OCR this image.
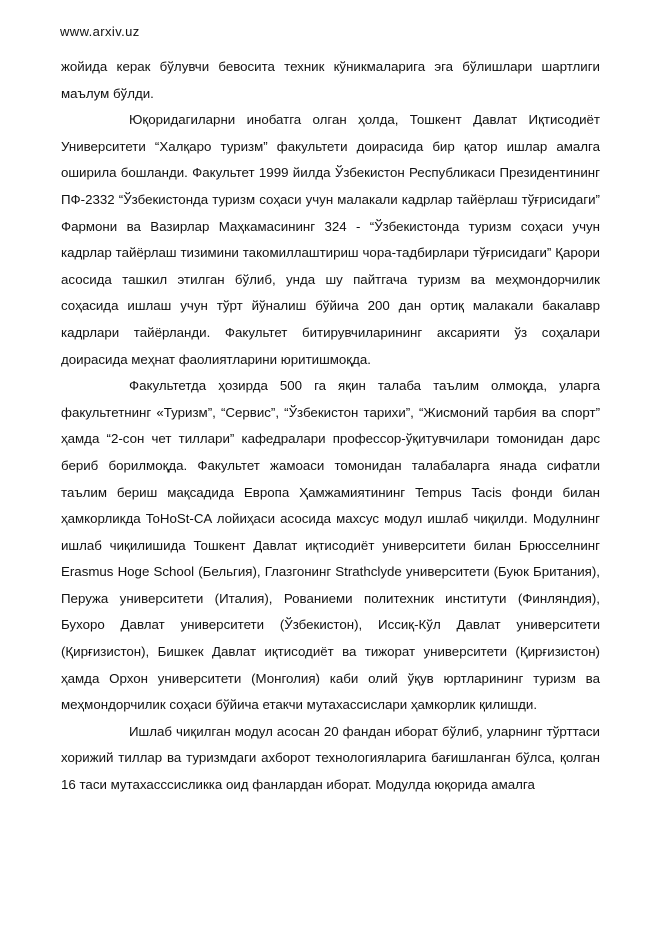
www.arxiv.uz

жойида керак бўлувчи бевосита техник кўникмаларига эга бўлишлари шартлиги маълум бўлди.

Юқоридагиларни инобатга олган ҳолда, Тошкент Давлат Иқтисодиёт Университети “Халқаро туризм” факультети доирасида бир қатор ишлар амалга оширила бошланди. Факультет 1999 йилда Ўзбекистон Республикаси Президентининг ПФ-2332 “Ўзбекистонда туризм соҳаси учун малакали кадрлар тайёрлаш тўғрисидаги” Фармони ва Вазирлар Маҳкамасининг 324 - “Ўзбекистонда туризм соҳаси учун кадрлар тайёрлаш тизимини такомиллаштириш чора-тадбирлари тўғрисидаги” Қарори асосида ташкил этилган бўлиб, унда шу пайтгача туризм ва меҳмондорчилик соҳасида ишлаш учун тўрт йўналиш бўйича 200 дан ортиқ малакали бакалавр кадрлари тайёрланди. Факультет битирувчиларининг аксарияти ўз соҳалари доирасида меҳнат фаолиятларини юритишмоқда.

Факультетда ҳозирда 500 га яқин талаба таълим олмоқда, уларга факультетнинг «Туризм”, “Сервис”, “Ўзбекистон тарихи”, “Жисмоний тарбия ва спорт” ҳамда “2-сон чет тиллари” кафедралари профессор-ўқитувчилари томонидан дарс бериб борилмоқда. Факультет жамоаси томонидан талабаларга янада сифатли таълим бериш мақсадида Европа Ҳамжамиятининг Tempus Tacis фонди билан ҳамкорликда ToHoSt-CA лойиҳаси асосида махсус модул ишлаб чиқилди. Модулнинг ишлаб чиқилишида Тошкент Давлат иқтисодиёт университети билан Брюсселнинг Erasmus Hoge School (Бельгия), Глазгонинг Strathclyde университети (Буюк Британия), Перужа университети (Италия), Рованиеми политехник институти (Финляндия), Бухоро Давлат университети (Ўзбекистон), Иссиқ-Кўл Давлат университети (Қирғизистон), Бишкек Давлат иқтисодиёт ва тижорат университети (Қирғизистон) ҳамда Орхон университети (Монголия) каби олий ўқув юртларининг туризм ва меҳмондорчилик соҳаси бўйича етакчи мутахассислари ҳамкорлик қилишди.

Ишлаб чиқилган модул асосан 20 фандан иборат бўлиб, уларнинг тўрттаси хорижий тиллар ва туризмдаги ахборот технологияларига бағишланган бўлса, қолган 16 таси мутахасссисликка оид фанлардан иборат. Модулда юқорида амалга
